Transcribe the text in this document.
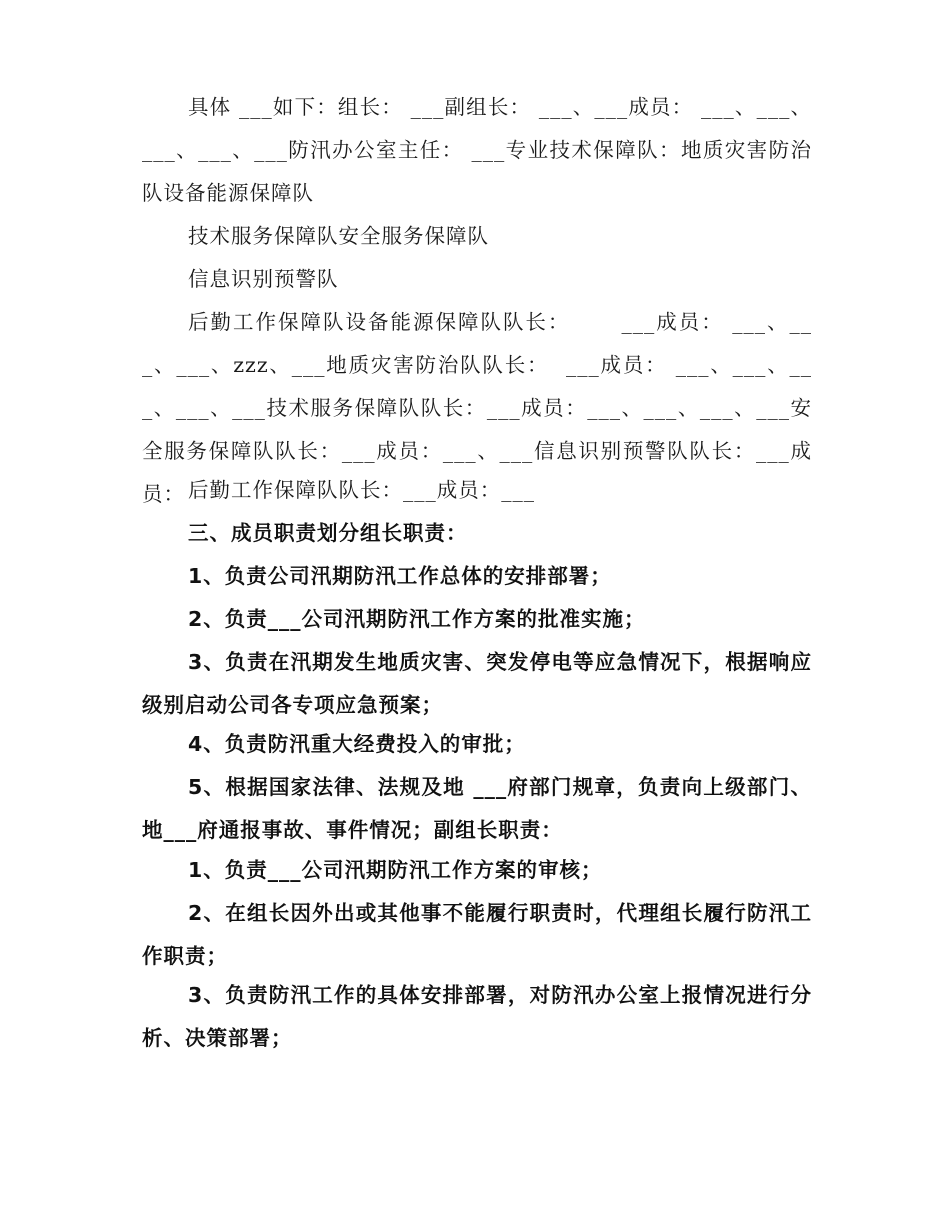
具体 ___如下：组长： ___副组长： ___、___成员： ___、___、___、___、___防汛办公室主任： ___专业技术保障队：地质灾害防治队设备能源保障队

技术服务保障队安全服务保障队

信息识别预警队

后勤工作保障队设备能源保障队队长：      ___成员： ___、___、___、zzz、___地质灾害防治队队长：  ___成员： ___、___、___、___、___技术服务保障队队长：___成员：___、___、___、___安全服务保障队队长：___成员：___、___信息识别预警队队长：___成员： 后勤工作保障队队长：___成员：___

三、成员职责划分组长职责：

1、负责公司汛期防汛工作总体的安排部署；

2、负责___公司汛期防汛工作方案的批准实施；

3、负责在汛期发生地质灾害、突发停电等应急情况下，根据响应级别启动公司各专项应急预案；

4、负责防汛重大经费投入的审批；

5、根据国家法律、法规及地 ___府部门规章，负责向上级部门、地___府通报事故、事件情况；副组长职责：

1、负责___公司汛期防汛工作方案的审核；

2、在组长因外出或其他事不能履行职责时，代理组长履行防汛工作职责；

3、负责防汛工作的具体安排部署，对防汛办公室上报情况进行分析、决策部署；
